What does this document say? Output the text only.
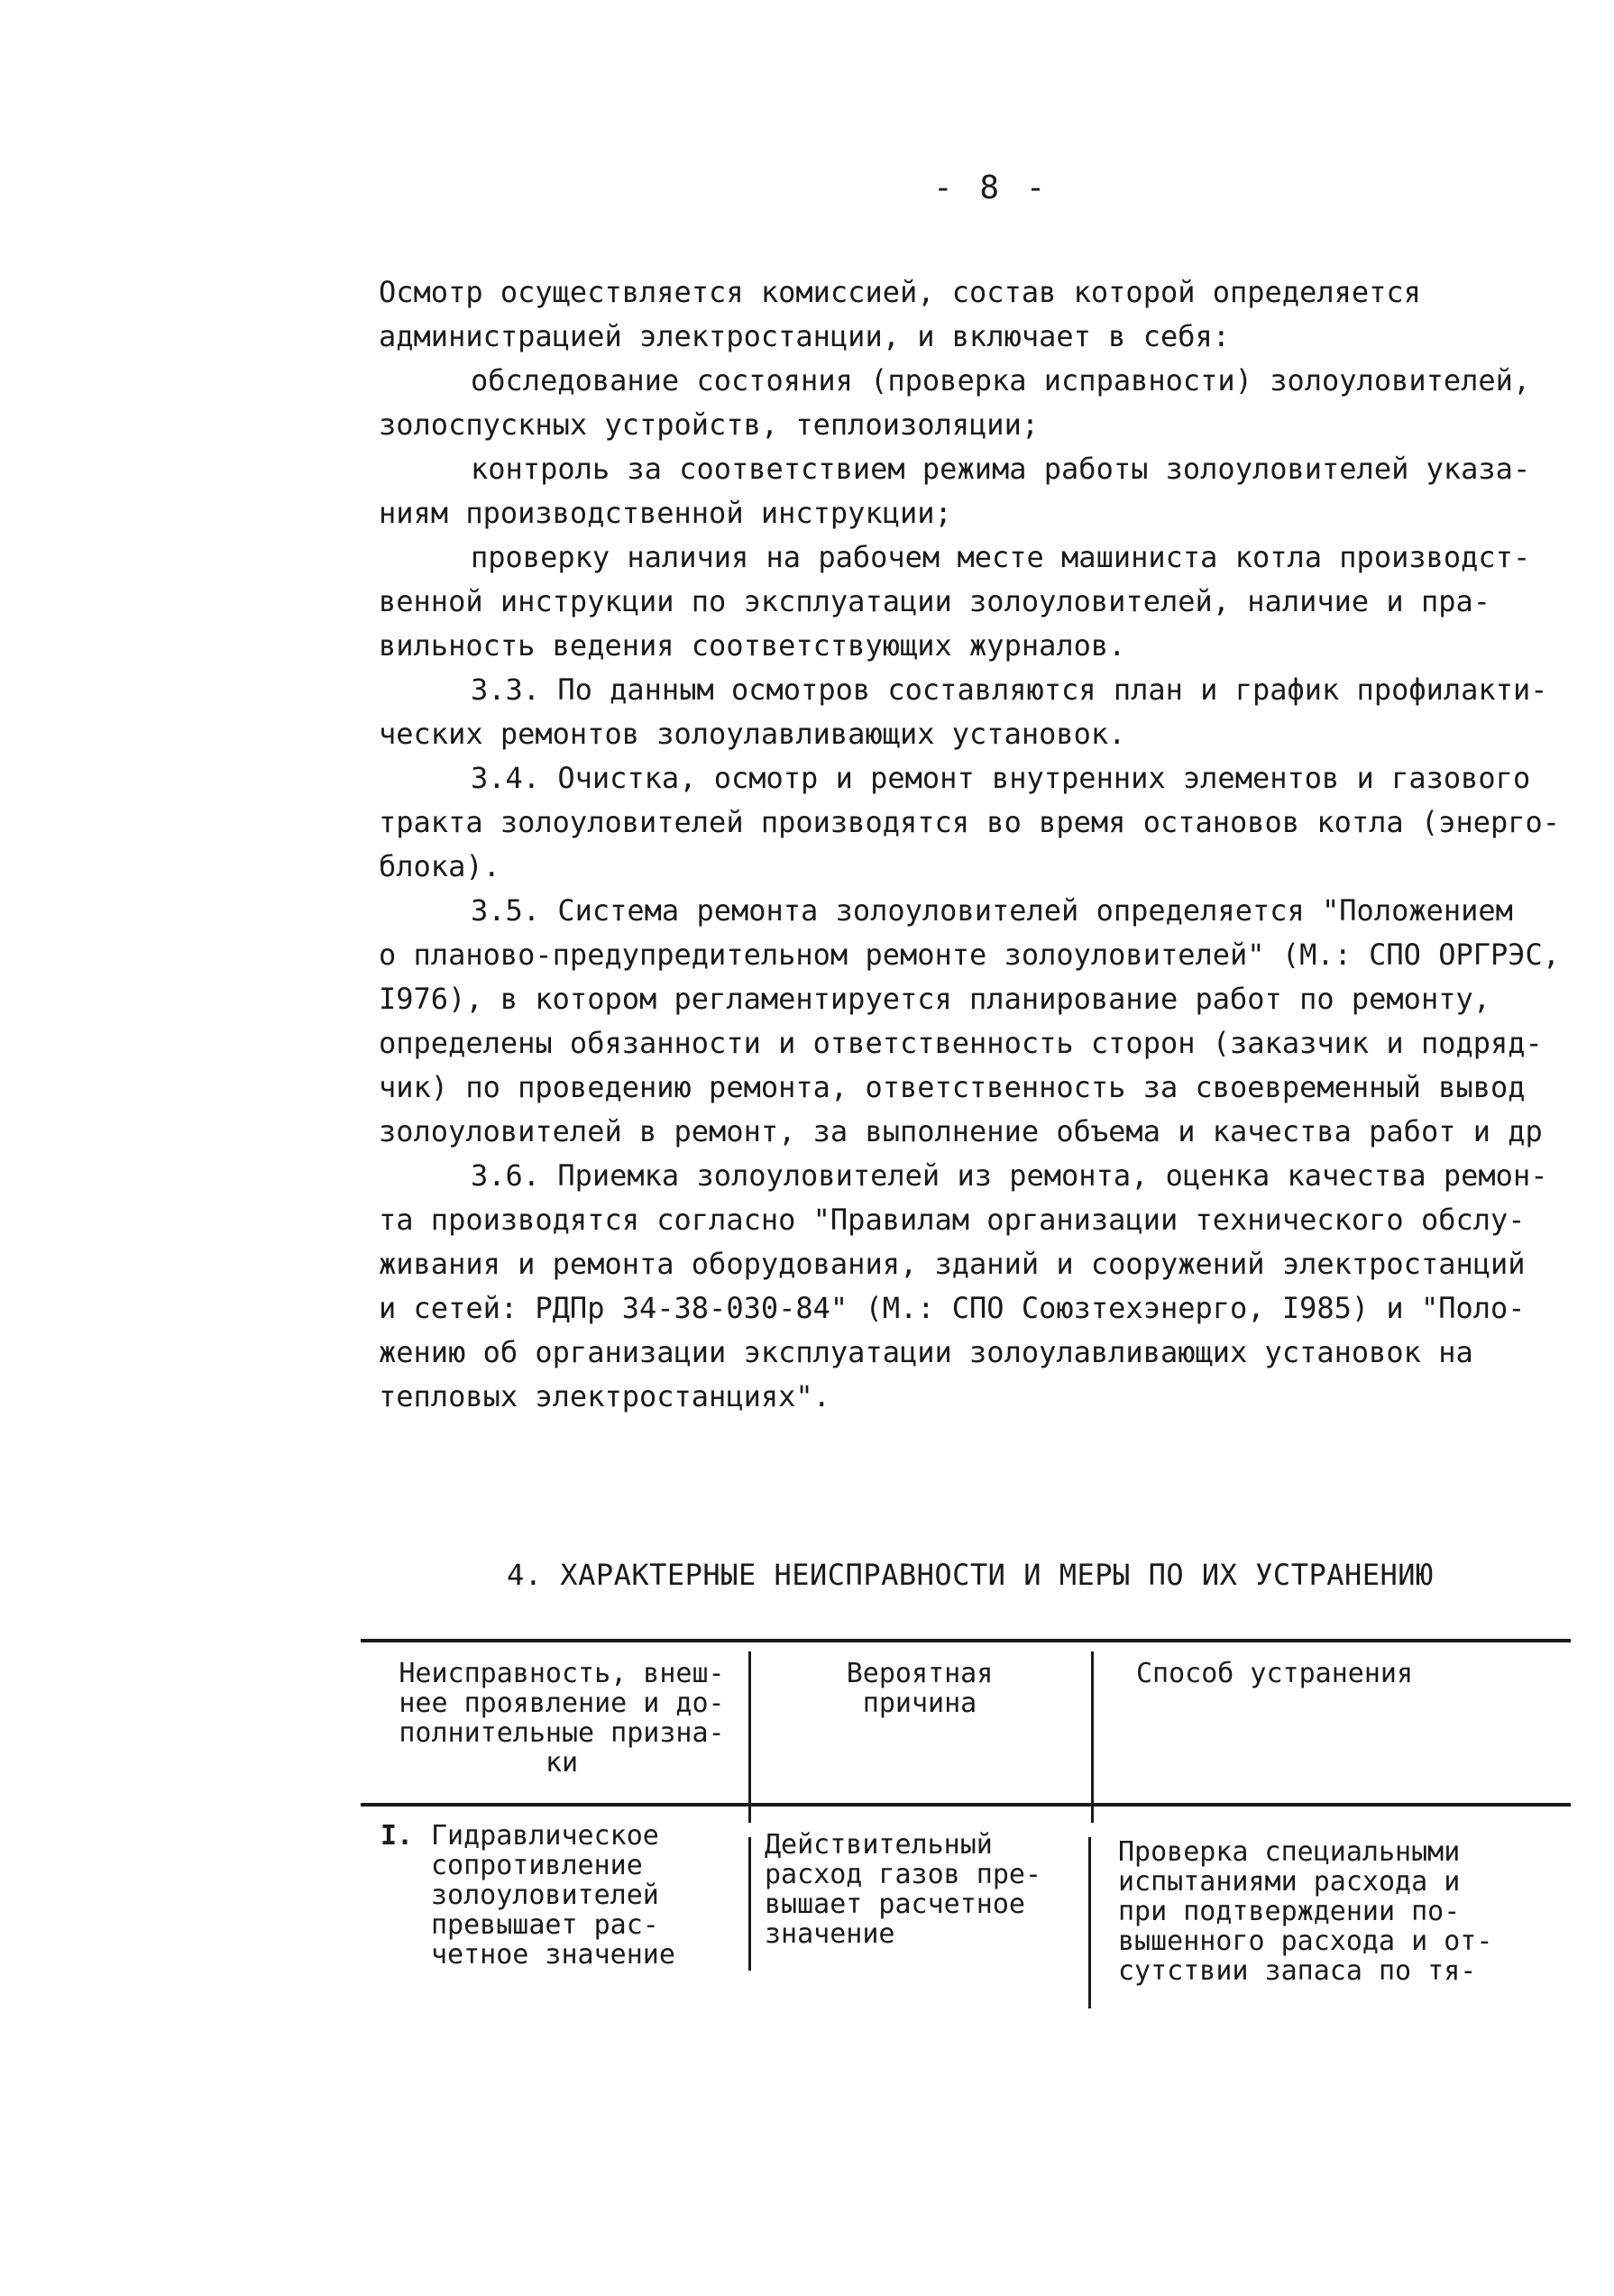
- 8 -

Осмотр осуществляется комиссией, состав которой определяется
администрацией электростанции, и включает в себя:

обследование состояния (проверка исправности) золоуловителей,

золоспускных устройств, теплоизоляции;

контроль за соответствием режима работы золоуловителей указа-

ниям производственной инструкции;

проверку наличия на рабочем месте машиниста котла производст-

венной инструкции по эксплуатации золоуловителей, наличие и пра-
вильность ведения соответствующих журналов.

3.3. По данным осмотров составляются план и график профилакти-

ческих ремонтов золоулавливающих установок.

3.4. Очистка, осмотр и ремонт внутренних элементов и газового

тракта золоуловителей производятся во время остановов котла (энерго-
блока).

3.5. Система ремонта золоуловителей определяется "Положением

о планово-предупредительном ремонте золоуловителей" (М.: СПО ОРГРЭС,
I976), в котором регламентируется планирование работ по ремонту,
определены обязанности и ответственность сторон (заказчик и подряд-
чик) по проведению ремонта, ответственность за своевременный вывод
золоуловителей в ремонт, за выполнение объема и качества работ и др

3.6. Приемка золоуловителей из ремонта, оценка качества ремон-

та производятся согласно "Правилам организации технического обслу-
живания и ремонта оборудования, зданий и сооружений электростанций
и сетей: РДПр 34-38-030-84" (М.: СПО Союзтехэнерго, I985) и "Поло-
жению об организации эксплуатации золоулавливающих установок на
тепловых электростанциях".

4. ХАРАКТЕРНЫЕ НЕИСПРАВНОСТИ И МЕРЫ ПО ИХ УСТРАНЕНИЮ
Неисправность, внеш-
нее проявление и до-
полнительные призна-
ки
Вероятная
причина
Способ устранения
I. Гидравлическое
сопротивление
золоуловителей
превышает рас-
четное значение
Действительный
расход газов пре-
вышает расчетное
значение
Проверка специальными
испытаниями расхода и
при подтверждении по-
вышенного расхода и от-
сутствии запаса по тя-
